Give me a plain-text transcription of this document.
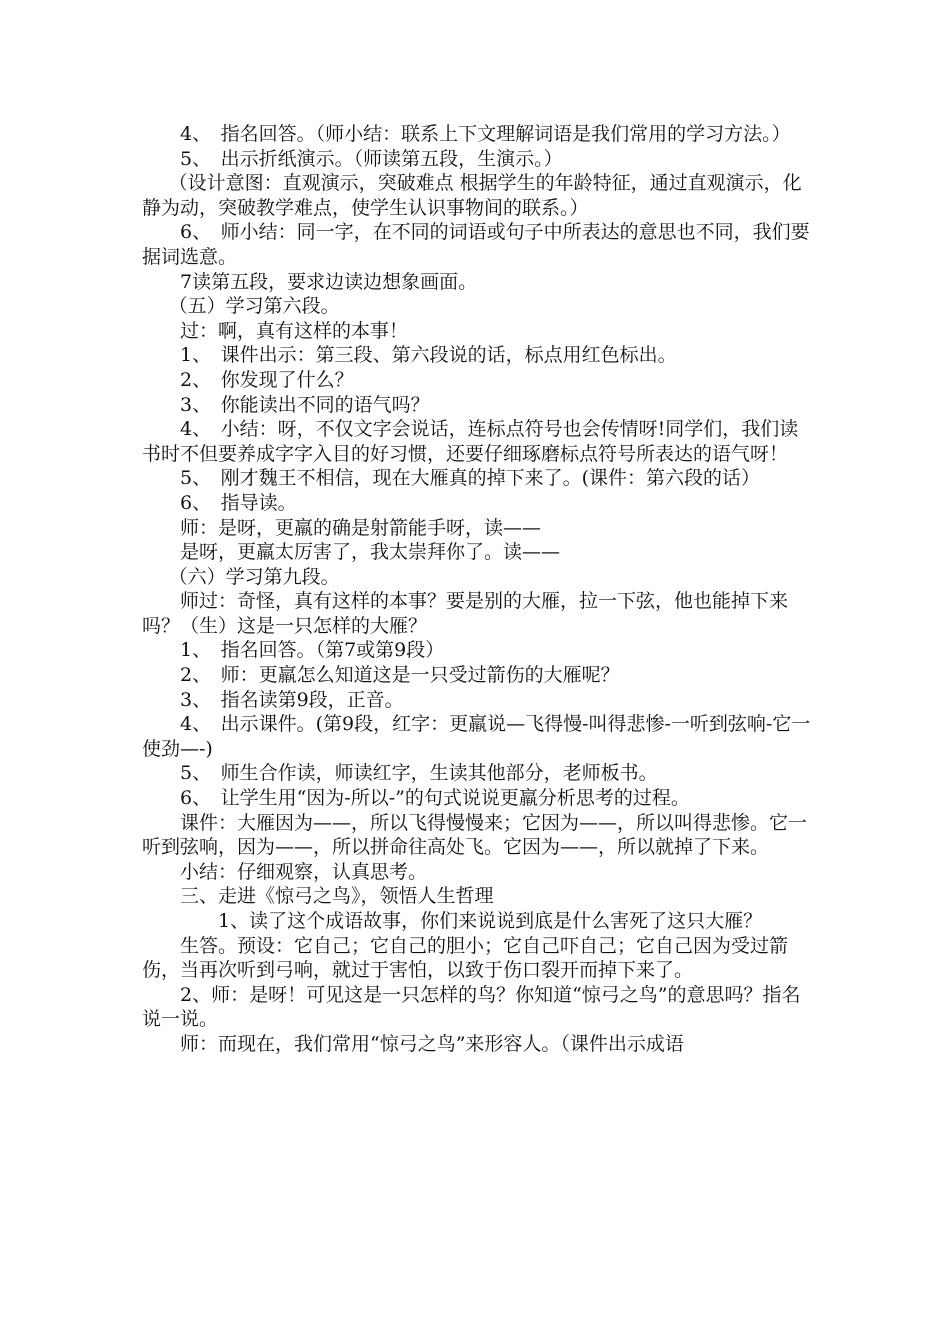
4、　指名回答。（师小结：联系上下文理解词语是我们常用的学习方法。）

5、　出示折纸演示。（师读第五段，生演示。）

（设计意图：直观演示，突破难点 根据学生的年龄特征，通过直观演示，化静为动，突破教学难点，使学生认识事物间的联系。）

6、　师小结：同一字，在不同的词语或句子中所表达的意思也不同，我们要据词选意。

7读第五段，要求边读边想象画面。

（五）学习第六段。

过：啊，真有这样的本事！

1、　课件出示：第三段、第六段说的话，标点用红色标出。

2、　你发现了什么？

3、　你能读出不同的语气吗？

4、　小结：呀，不仅文字会说话，连标点符号也会传情呀!同学们，我们读书时不但要养成字字入目的好习惯，还要仔细琢磨标点符号所表达的语气呀！

5、　刚才魏王不相信，现在大雁真的掉下来了。(课件：第六段的话）

6、　指导读。

师：是呀，更羸的确是射箭能手呀，读——

是呀，更羸太厉害了，我太崇拜你了。读——

（六）学习第九段。

师过：奇怪，真有这样的本事？要是别的大雁，拉一下弦，他也能掉下来吗？（生）这是一只怎样的大雁？

1、　指名回答。（第7或第9段）

2、　师：更羸怎么知道这是一只受过箭伤的大雁呢？

3、　指名读第9段，正音。

4、　出示课件。(第9段，红字：更羸说—飞得慢-叫得悲惨-一听到弦响-它一使劲—-)

5、　师生合作读，师读红字，生读其他部分，老师板书。

6、　让学生用“因为-所以-”的句式说说更羸分析思考的过程。

课件：大雁因为——，所以飞得慢慢来；它因为——，所以叫得悲惨。它一听到弦响，因为——，所以拼命往高处飞。它因为——，所以就掉了下来。

小结：仔细观察，认真思考。

三、走进《惊弓之鸟》，领悟人生哲理

1、读了这个成语故事，你们来说说到底是什么害死了这只大雁？

生答。预设：它自己；它自己的胆小；它自己吓自己；它自己因为受过箭伤，当再次听到弓响，就过于害怕，以致于伤口裂开而掉下来了。

2、师：是呀！可见这是一只怎样的鸟？你知道“惊弓之鸟”的意思吗？指名说一说。

师：而现在，我们常用“惊弓之鸟”来形容人。（课件出示成语
